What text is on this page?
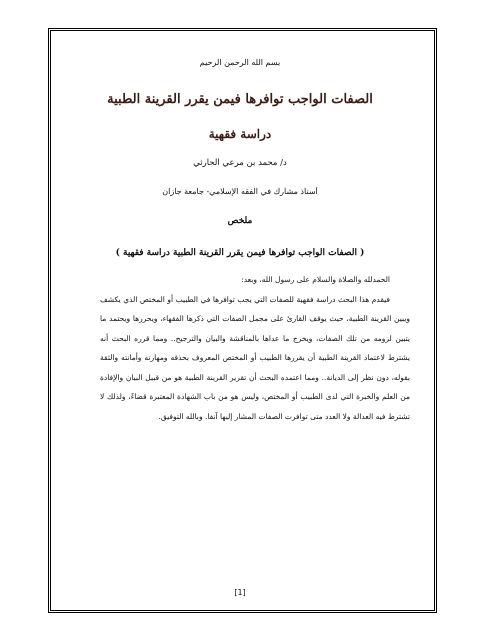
بسم الله الرحمن الرحيم
الصفات الواجب توافرها فيمن يقرر القرينة الطبية
دراسة فقهية
د/ محمد بن مرعي الحارثي
أستاذ مشارك في الفقه الإسلامي- جامعة جازان
ملخص
( الصفات الواجب توافرها فيمن يقرر القرينة الطبية دراسة فقهية )

الحمدلله والصلاة والسلام على رسول الله، وبعد:

فيقدم هذا البحث دراسة فقهية للصفات التي يجب توافرها في الطبيب أو المختص الذي يكشف ويبين القرينة الطبية، حيث يوقف القارئ على مجمل الصفات التي ذكرها الفقهاء، ويحررها ويحتمد ما يتبين لزومه من تلك الصفات، ويخرج ما عداها بالمناقشة والبيان والترجيح.. ومما قرره البحث أنه يشترط لاعتماد القرينة الطبية أن يقررها الطبيب أو المختص المعروف بحذقه ومهارته وأمانته والثقة بقوله، دون نظر إلى الديانة.. ومما اعتمده البحث أن تقرير القرينة الطبية هو من قبيل البيان والإفادة من العلم والخبرة التي لدى الطبيب أو المختص، وليس هو من باب الشهادة المعتبرة قضاءً، ولذلك لا تشترط فيه العدالة ولا العدد متى توافرت الصفات المشار إليها آنفا. وبالله التوفيق.

[1]
